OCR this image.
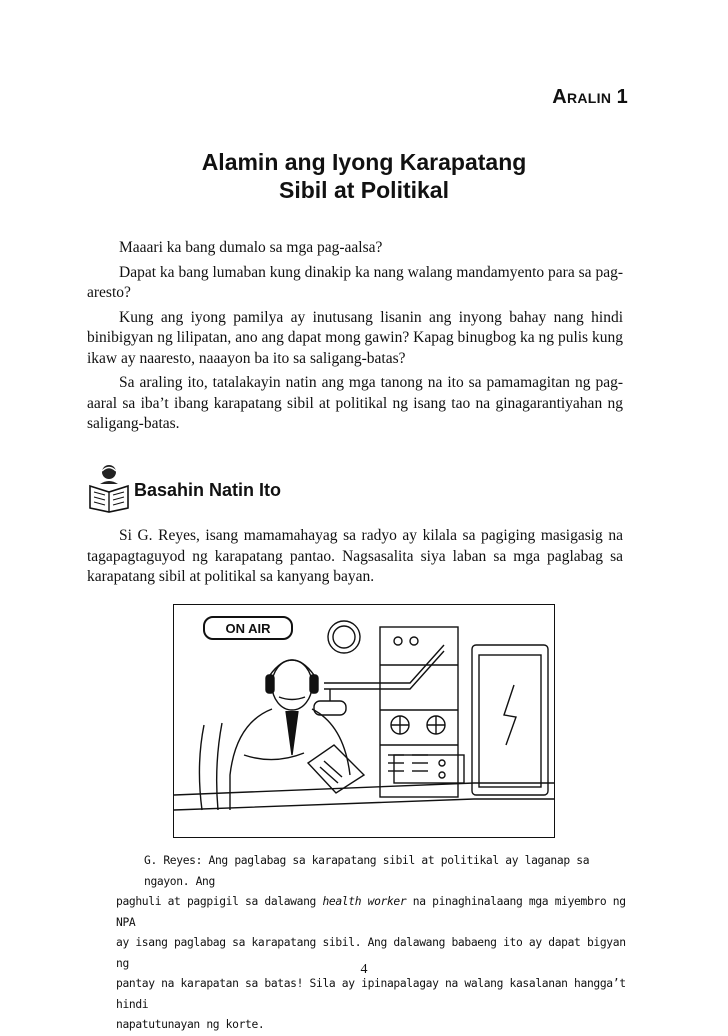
ARALIN 1
Alamin ang Iyong Karapatang
Sibil at Politikal

Maaari ka bang dumalo sa mga pag-aalsa?

Dapat ka bang lumaban kung dinakip ka nang walang mandamyento para sa pag-aresto?

Kung ang iyong pamilya ay inutusang lisanin ang inyong bahay nang hindi binibigyan ng lilipatan, ano ang dapat mong gawin? Kapag binugbog ka ng pulis kung ikaw ay naaresto, naaayon ba ito sa saligang-batas?

Sa araling ito, tatalakayin natin ang mga tanong na ito sa pamamagitan ng pag-aaral sa iba’t ibang karapatang sibil at politikal ng isang tao na ginagarantiyahan ng saligang-batas.

Basahin Natin Ito

Si G. Reyes, isang mamamahayag sa radyo ay kilala sa pagiging masigasig na tagapagtaguyod ng karapatang pantao. Nagsasalita siya laban sa mga paglabag sa karapatang sibil at politikal sa kanyang bayan.

ON AIR
G. Reyes: Ang paglabag sa karapatang sibil at politikal ay laganap sa ngayon. Ang
paghuli at pagpigil sa dalawang health worker na pinaghinalaang mga miyembro ng NPA
ay isang paglabag sa karapatang sibil. Ang dalawang babaeng ito ay dapat bigyan ng
pantay na karapatan sa batas! Sila ay ipinapalagay na walang kasalanan hangga’t hindi
napatutunayan ng korte.
4
